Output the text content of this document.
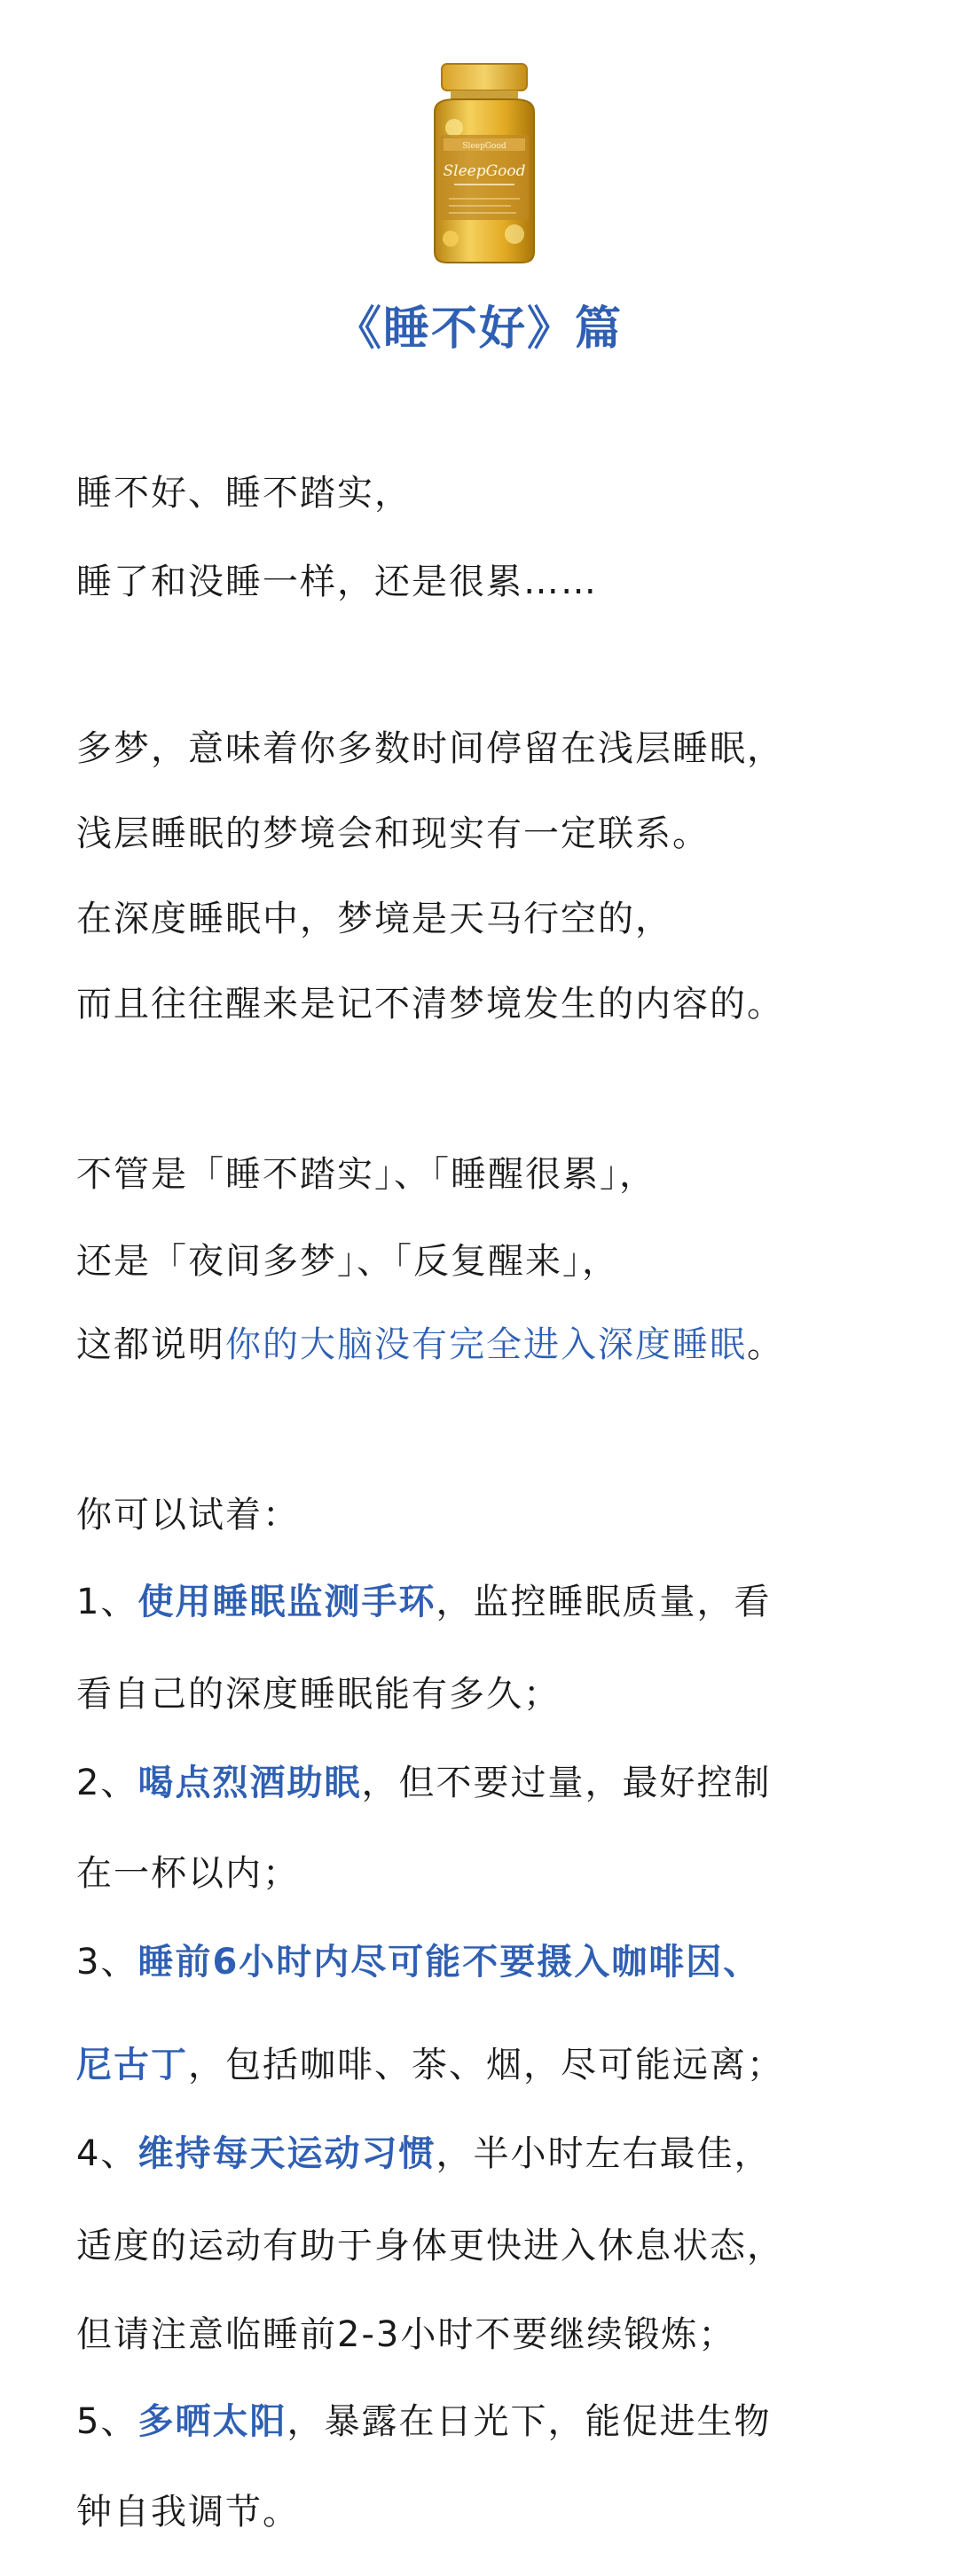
SleepGood
SleepGood
《睡不好》篇
睡不好、睡不踏实，
睡了和没睡一样，还是很累……
多梦，意味着你多数时间停留在浅层睡眠，
浅层睡眠的梦境会和现实有一定联系。
在深度睡眠中，梦境是天马行空的，
而且往往醒来是记不清梦境发生的内容的。
不管是「睡不踏实」、「睡醒很累」，
还是「夜间多梦」、「反复醒来」，
这都说明你的大脑没有完全进入深度睡眠。
你可以试着：
1、使用睡眠监测手环，监控睡眠质量，看
看自己的深度睡眠能有多久；
2、喝点烈酒助眠，但不要过量，最好控制
在一杯以内；
3、睡前6小时内尽可能不要摄入咖啡因、
尼古丁，包括咖啡、茶、烟，尽可能远离；
4、维持每天运动习惯，半小时左右最佳，
适度的运动有助于身体更快进入休息状态，
但请注意临睡前2-3小时不要继续锻炼；
5、多晒太阳，暴露在日光下，能促进生物
钟自我调节。
